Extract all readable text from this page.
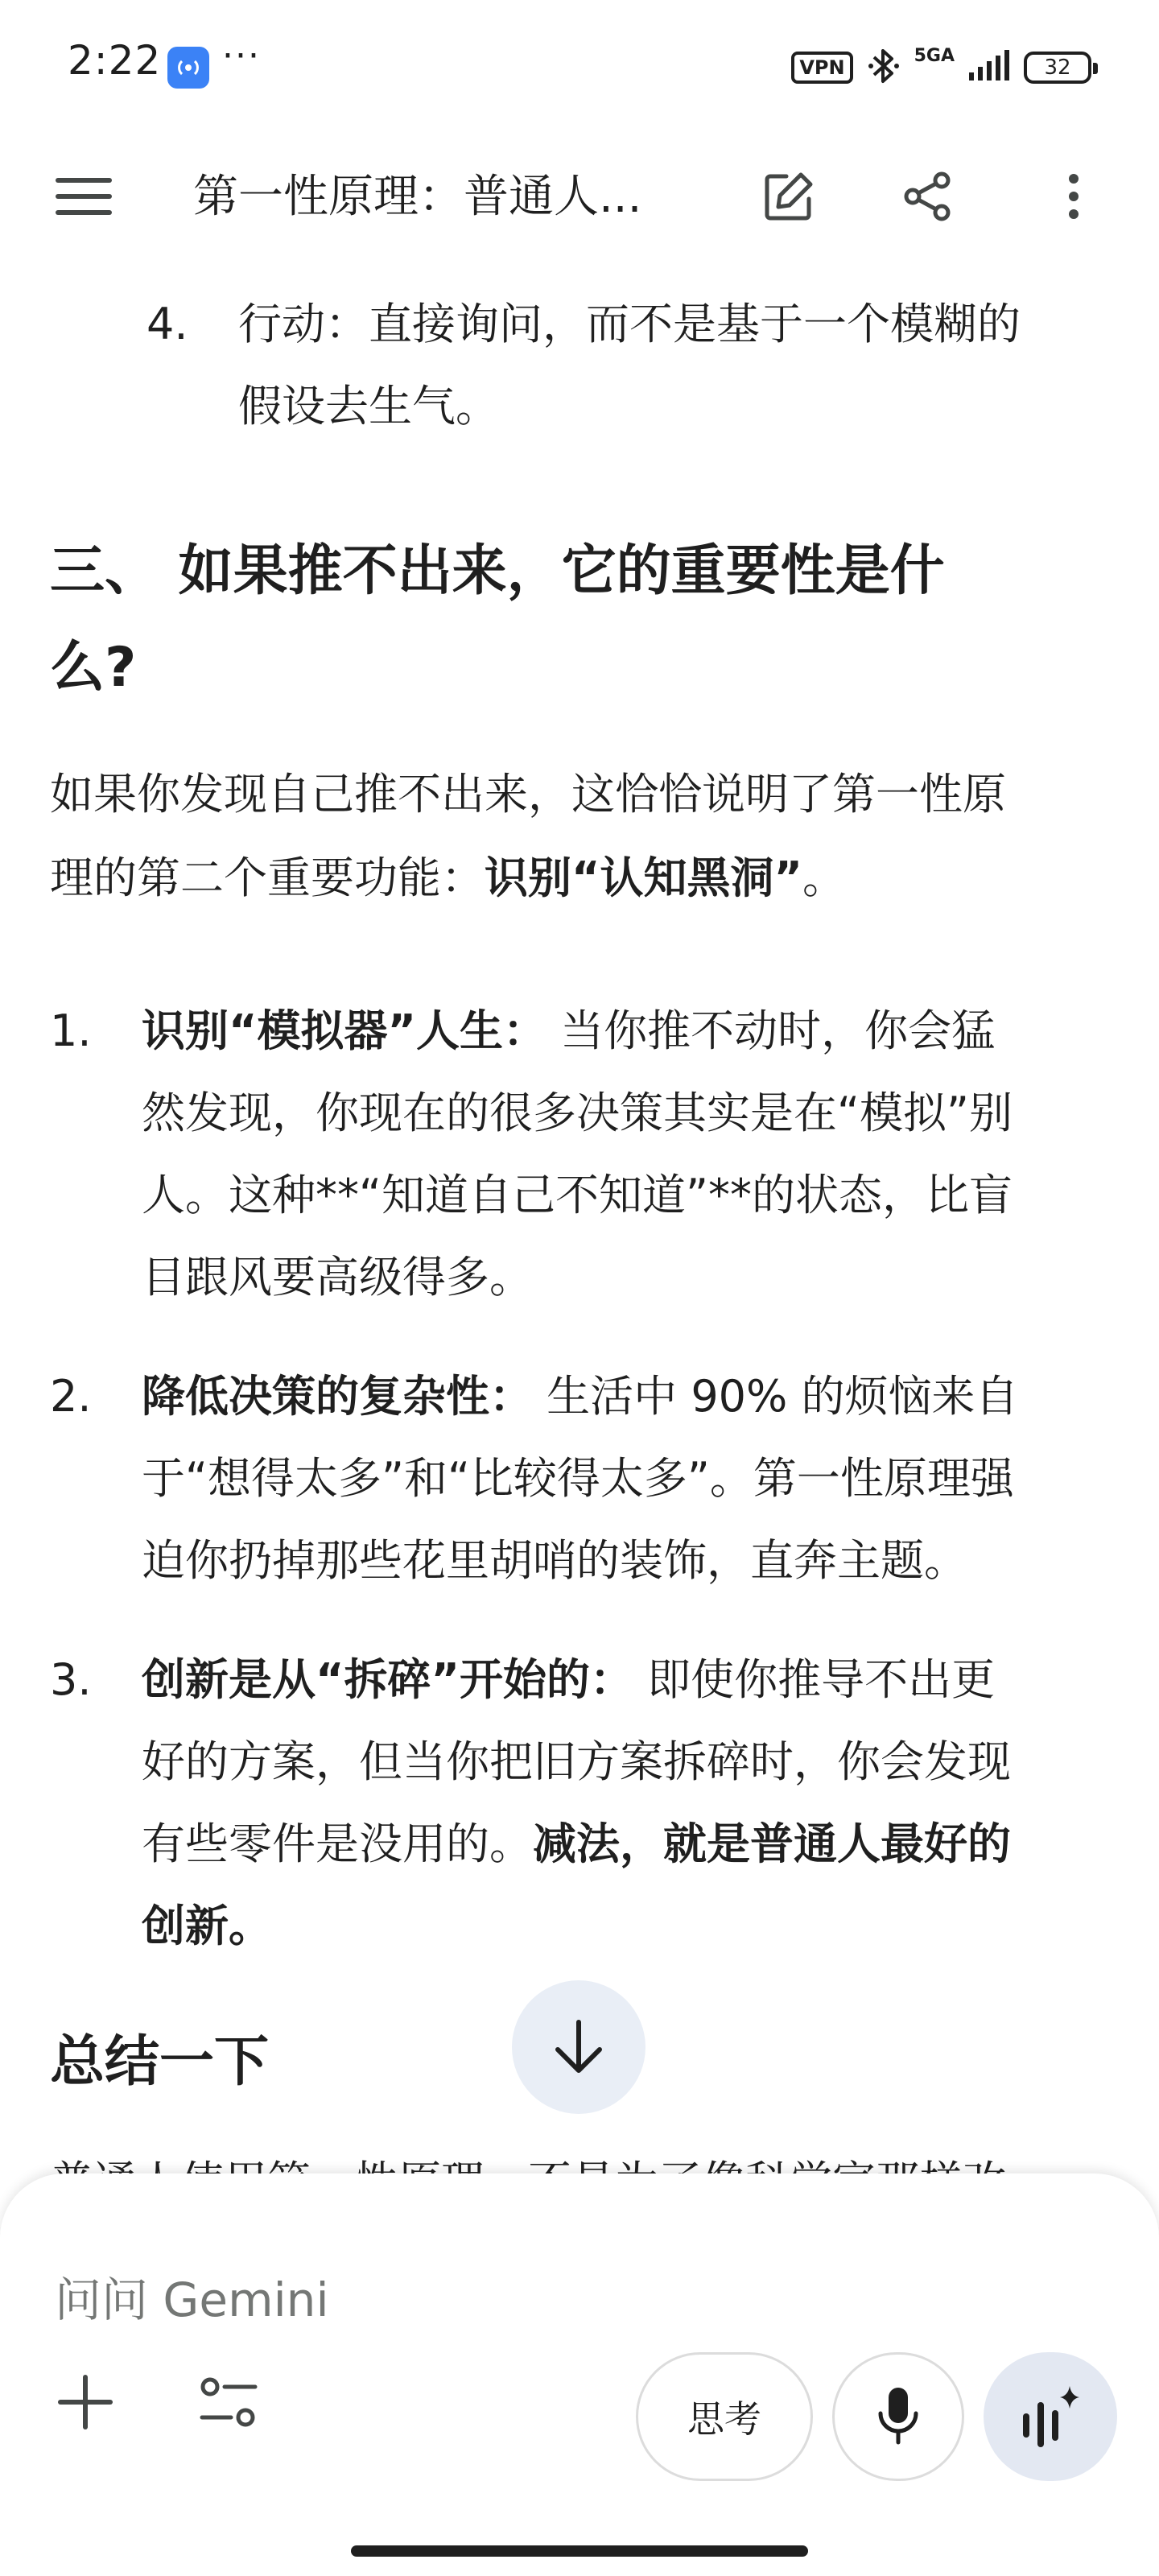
2:22 ···	VPN
5GA	32
第一性原理：普通人...
4. 行动：直接询问，而不是基于一个模糊的
假设去生气。
三、 如果推不出来，它的重要性是什
么?
如果你发现自己推不出来，这恰恰说明了第一性原
理的第二个重要功能：识别“认知黑洞”。
1. 识别“模拟器”人生： 当你推不动时，你会猛
然发现，你现在的很多决策其实是在“模拟”别
人。这种**“知道自己不知道”**的状态，比盲
目跟风要高级得多。
2. 降低决策的复杂性： 生活中 90% 的烦恼来自
于“想得太多”和“比较得太多”。第一性原理强
迫你扔掉那些花里胡哨的装饰，直奔主题。
3. 创新是从“拆碎”开始的： 即使你推导不出更
好的方案，但当你把旧方案拆碎时，你会发现
有些零件是没用的。减法，就是普通人最好的
创新。
总结一下
问问 Gemini
思考
